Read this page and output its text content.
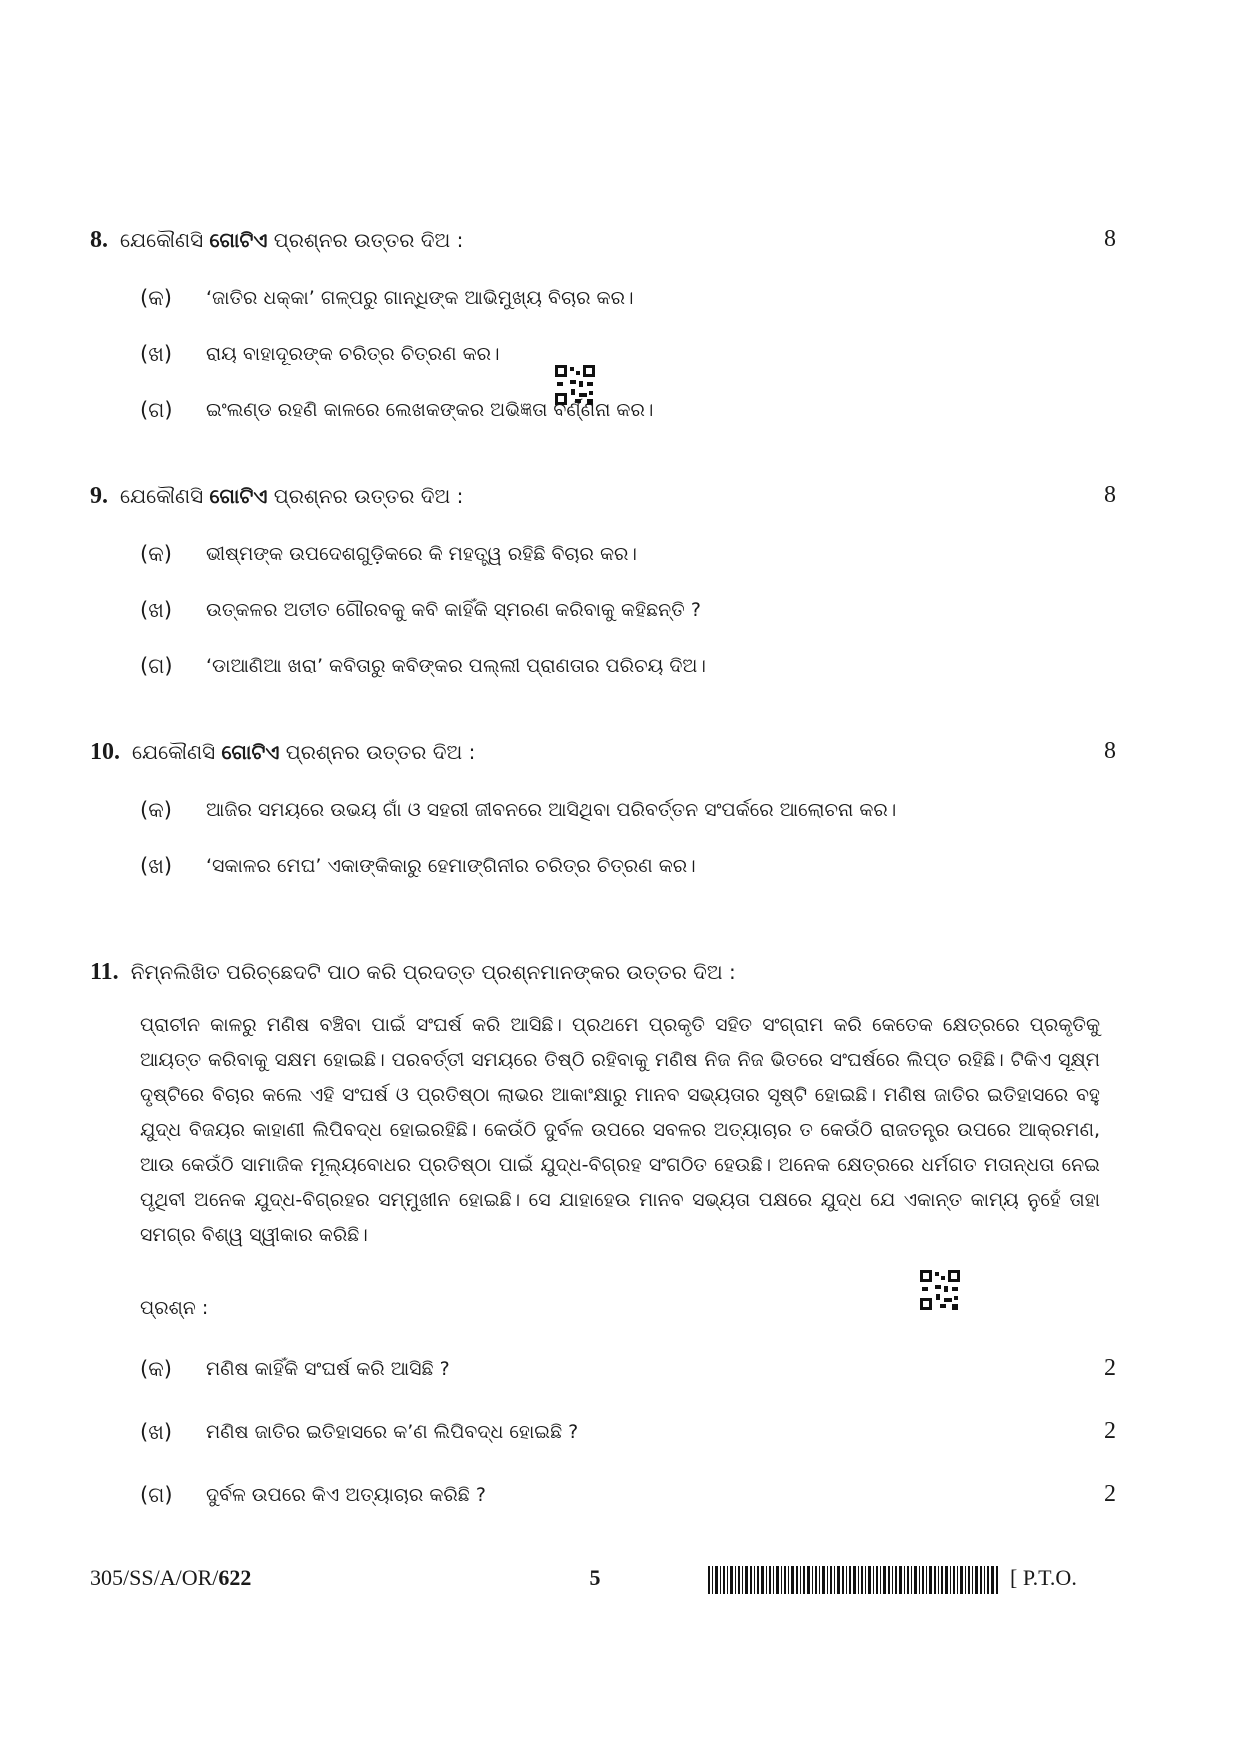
8. ଯେକୌଣସି ଗୋଟିଏ ପ୍ରଶ୍ନର ଉତ୍ତର ଦିଅ :	8
(କ)	‘ଜାତିର ଧକ୍କା’ ଗଳ୍ପରୁ ଗାନ୍ଧିଙ୍କ ଆଭିମୁଖ୍ୟ ବିଚାର କର।
(ଖ)	ରାୟ ବାହାଦୂରଙ୍କ ଚରିତ୍ର ଚିତ୍ରଣ କର।
(ଗ)	ଇଂଲଣ୍ଡ ରହଣି କାଳରେ ଲେଖକଙ୍କର ଅଭିଜ୍ଞତା ବର୍ଣ୍ଣନା କର।
9. ଯେକୌଣସି ଗୋଟିଏ ପ୍ରଶ୍ନର ଉତ୍ତର ଦିଅ :	8
(କ)	ଭୀଷ୍ମଙ୍କ ଉପଦେଶଗୁଡ଼ିକରେ କି ମହତ୍ତ୍ୱ ରହିଛି ବିଚାର କର।
(ଖ)	ଉତ୍କଳର ଅତୀତ ଗୌରବକୁ କବି କାହିଁକି ସ୍ମରଣ କରିବାକୁ କହିଛନ୍ତି ?
(ଗ)	‘ଡାଆଣିଆ ଖରା’ କବିତାରୁ କବିଙ୍କର ପଲ୍ଲୀ ପ୍ରାଣତାର ପରିଚୟ ଦିଅ।
10. ଯେକୌଣସି ଗୋଟିଏ ପ୍ରଶ୍ନର ଉତ୍ତର ଦିଅ :	8
(କ)	ଆଜିର ସମୟରେ ଉଭୟ ଗାଁ ଓ ସହରୀ ଜୀବନରେ ଆସିଥିବା ପରିବର୍ତ୍ତନ ସଂପର୍କରେ ଆଲୋଚନା କର।
(ଖ)	‘ସକାଳର ମେଘ’ ଏକାଙ୍କିକାରୁ ହେମାଙ୍ଗିନୀର ଚରିତ୍ର ଚିତ୍ରଣ କର।
11. ନିମ୍ନଲିଖିତ ପରିଚ୍ଛେଦଟି ପାଠ କରି ପ୍ରଦତ୍ତ ପ୍ରଶ୍ନମାନଙ୍କର ଉତ୍ତର ଦିଅ :
ପ୍ରାଚୀନ କାଳରୁ ମଣିଷ ବଞ୍ଚିବା ପାଇଁ ସଂଘର୍ଷ କରି ଆସିଛି। ପ୍ରଥମେ ପ୍ରକୃତି ସହିତ ସଂଗ୍ରାମ କରି କେତେକ କ୍ଷେତ୍ରରେ ପ୍ରକୃତିକୁ ଆୟତ୍ତ କରିବାକୁ ସକ୍ଷମ ହୋଇଛି। ପରବର୍ତ୍ତୀ ସମୟରେ ତିଷ୍ଠି ରହିବାକୁ ମଣିଷ ନିଜ ନିଜ ଭିତରେ ସଂଘର୍ଷରେ ଲିପ୍ତ ରହିଛି। ଟିକିଏ ସୂକ୍ଷ୍ମ ଦୃଷ୍ଟିରେ ବିଚାର କଲେ ଏହି ସଂଘର୍ଷ ଓ ପ୍ରତିଷ୍ଠା ଲାଭର ଆକାଂକ୍ଷାରୁ ମାନବ ସଭ୍ୟତାର ସୃଷ୍ଟି ହୋଇଛି। ମଣିଷ ଜାତିର ଇତିହାସରେ ବହୁ ଯୁଦ୍ଧ ବିଜୟର କାହାଣୀ ଲିପିବଦ୍ଧ ହୋଇରହିଛି। କେଉଁଠି ଦୁର୍ବଳ ଉପରେ ସବଳର ଅତ୍ୟାଚାର ତ କେଉଁଠି ରାଜତନ୍ତ୍ର ଉପରେ ଆକ୍ରମଣ, ଆଉ କେଉଁଠି ସାମାଜିକ ମୂଲ୍ୟବୋଧର ପ୍ରତିଷ୍ଠା ପାଇଁ ଯୁଦ୍ଧ-ବିଗ୍ରହ ସଂଗଠିତ ହେଉଛି। ଅନେକ କ୍ଷେତ୍ରରେ ଧର୍ମଗତ ମତାନ୍ଧତା ନେଇ ପୃଥିବୀ ଅନେକ ଯୁଦ୍ଧ-ବିଗ୍ରହର ସମ୍ମୁଖୀନ ହୋଇଛି। ସେ ଯାହାହେଉ ମାନବ ସଭ୍ୟତା ପକ୍ଷରେ ଯୁଦ୍ଧ ଯେ ଏକାନ୍ତ କାମ୍ୟ ନୁହେଁ ତାହା ସମଗ୍ର ବିଶ୍ୱ ସ୍ୱୀକାର କରିଛି।
ପ୍ରଶ୍ନ :
(କ)	ମଣିଷ କାହିଁକି ସଂଘର୍ଷ କରି ଆସିଛି ?	2
(ଖ)	ମଣିଷ ଜାତିର ଇତିହାସରେ କ’ଣ ଲିପିବଦ୍ଧ ହୋଇଛି ?	2
(ଗ)	ଦୁର୍ବଳ ଉପରେ କିଏ ଅତ୍ୟାଚାର କରିଛି ?	2
305/SS/A/OR/622	5	[ P.T.O.
